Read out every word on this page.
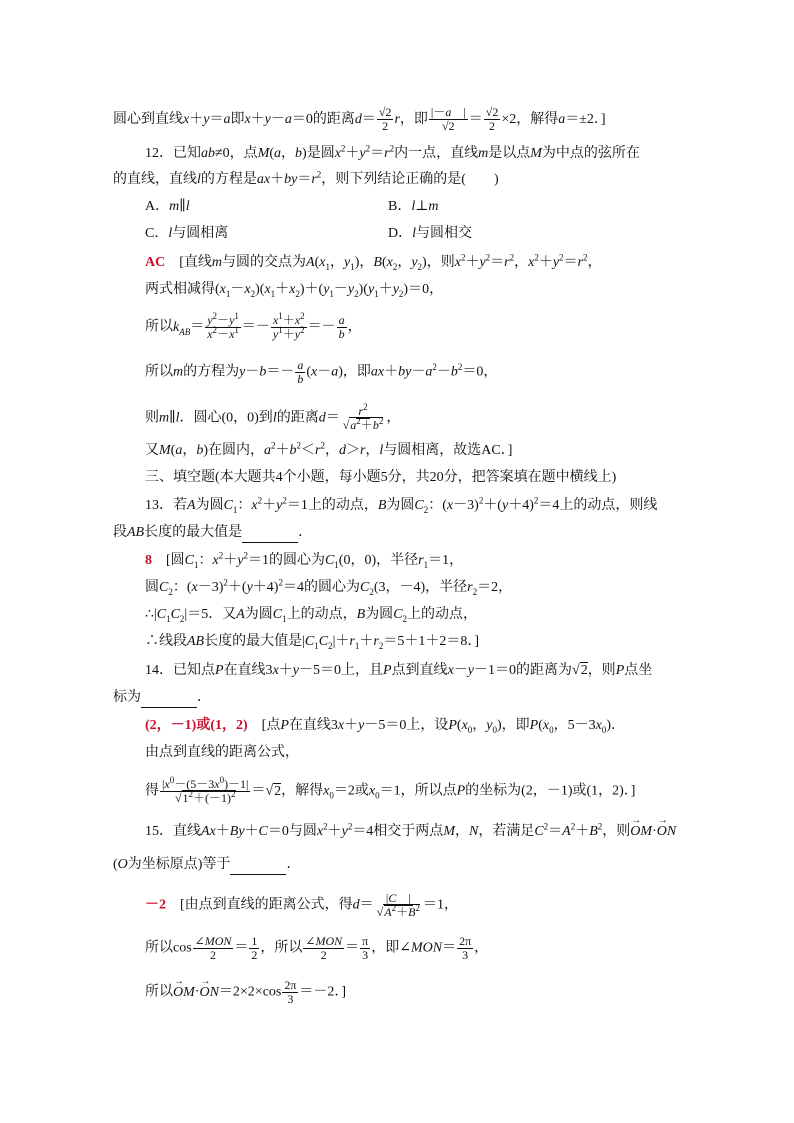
圆心到直线x＋y＝a即x＋y－a＝0的距离$d= \frac{√2}{2}$ r，即 $\frac{|-a |}{√2} = \frac{√2}{2} \times 2$，解得a＝±2．]
12．已知ab≠0，点M(a，b)是圆$x^2+y^2=r^2$内一点，直线m是以点M为中点的弦所在
的直线，直线l的方程是$ax+by=r^2$，则下列结论正确的是(　　)
A．m∥l	B．l⊥m
C．l与圆相离	D．l与圆相交
AC　[直线m与圆的交点为$A(x_1$，$y_1$)，$B(x_2$，$y_2$)，则$x^2+y^2=r^2$，$x^2+y^2=r^2$，
两式相减得$(x_1-x_2)(x_1+x_2)+(y_1-y_2)(y_1+y_2)=0$，
所以$k_{AB}= \frac{y^2-y^1}{x^2-x^1} =- \frac{x^1+x^2}{y^1+y^2} =- \frac{a}{b}$ ，
所以m的方程为$y-b=- \frac{a}{b} (x-a)$，即$ax+by-a^2-b^2=0$，
则m∥l．圆心(0，0)到l的距离$d= \frac{r^2}{√a^2+b^2}$ ，
又M(a，b)在圆内，$a^2+b^2<r^2$，d＞r，l与圆相离，故选AC．]
三、填空题(本大题共4个小题，每小题5分，共20分，把答案填在题中横线上)
13．若A为圆$C_1$：$x^2+y^2=1$上的动点，B为圆$C_2$：$(x-3)^2+(y+4)^2=4$上的动点，则线
段AB长度的最大值是	．
8　[圆$C_1$：$x^2+y^2=1$的圆心为$C_1(0$，0)，半径$r_1=1$，
圆$C_2$：$(x-3)^2+(y+4)^2=4$的圆心为$C_2(3$，－4)，半径$r_2=2$，
$\therefore|C_1C_2|=5$．又A为圆$C_1$上的动点，B为圆$C_2$上的动点，
∴线段AB长度的最大值是$|C_1C_2|+r_1+r_2=5+1+2=8$．]
14．已知点P在直线3x＋y－5＝0上，且P点到直线x－y－1＝0的距离为√2，则P点坐
标为	．
(2，－1)或(1，2)　[点P在直线3x＋y－5＝0上，设$P(x_0$，$y_0$)，即$P(x_0$，$5-3x_0$)．
由点到直线的距离公式，
得 $\frac{|x^0-(5-3x^0)-1|}{√1^2+(-1)^2} =√2$，解得$x_0=2$或$x_0=1$，所以点P的坐标为(2，－1)或(1，2)．]
15．直线Ax＋By＋C＝0与圆$x^2+y^2=4$相交于两点M，N，若满足$C^2=A^2+B^2$，则→ OM·→ ON
(O为坐标原点)等于	．
－2　[由点到直线的距离公式，得$d= \frac{|C |}{√A^2+B^2} =1$，
所以$\cos \frac{\text{∠MON}}{2} = \frac{1}{2}$ ，所以 $\frac{\text{∠MON}}{2} = \frac{\pi}{3}$ ，即∠MON＝ $\frac{2\pi}{3}$ ，
所以→ $OM\cdot\to ON=2\times 2\times\cos \frac{2\pi}{3} =-2$．]
